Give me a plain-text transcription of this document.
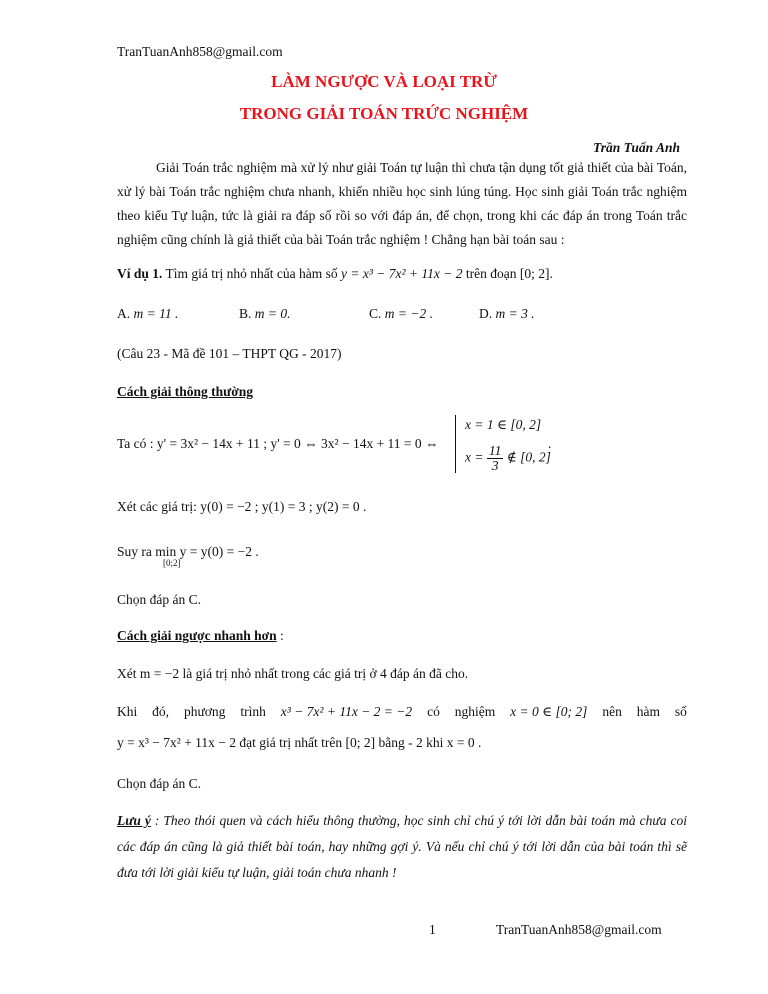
TranTuanAnh858@gmail.com
LÀM NGƯỢC VÀ LOẠI TRỪ
TRONG GIẢI TOÁN TRỨC NGHIỆM
Trần Tuấn Anh
Giải Toán trắc nghiệm mà xử lý như giải Toán tự luận thì chưa tận dụng tốt giả thiết của bài Toán, xử lý bài Toán trắc nghiệm chưa nhanh, khiến nhiều học sinh lúng túng. Học sinh giải Toán trắc nghiệm theo kiểu Tự luận, tức là giải ra đáp số rồi so với đáp án, để chọn, trong khi các đáp án trong Toán trắc nghiệm cũng chính là giả thiết của bài Toán trắc nghiệm ! Chẳng hạn bài toán sau :
Ví dụ 1. Tìm giá trị nhỏ nhất của hàm số y = x³ − 7x² + 11x − 2 trên đoạn [0; 2].
A. m = 11 .	B. m = 0.	C. m = −2 .	D. m = 3 .
(Câu 23 - Mã đề 101 – THPT QG - 2017)
Cách giải thông thường
Ta có : y' = 3x² − 14x + 11 ; y' = 0 ⇔ 3x² − 14x + 11 = 0 ⇔
x = 1 ∈ [0, 2]
$x = \frac{11}{3}$ ∉ [0, 2]
.
Xét các giá trị: y(0) = −2 ; y(1) = 3 ; y(2) = 0 .
Suy ra min y = y(0) = −2 .
[0;2]
Chọn đáp án C.
Cách giải ngược nhanh hơn :
Xét m = −2 là giá trị nhỏ nhất trong các giá trị ở 4 đáp án đã cho.
Khi đó, phương trình x³ − 7x² + 11x − 2 = −2 có nghiệm x = 0 ∈ [0; 2] nên hàm số
y = x³ − 7x² + 11x − 2 đạt giá trị nhất trên [0; 2] bằng - 2 khi x = 0 .
Chọn đáp án C.
Lưu ý : Theo thói quen và cách hiểu thông thường, học sinh chỉ chú ý tới lời dẫn bài toán mà chưa coi các đáp án cũng là giả thiết bài toán, hay những gợi ý. Và nếu chỉ chú ý tới lời dẫn của bài toán thì sẽ đưa tới lời giải kiểu tự luận, giải toán chưa nhanh !
1	TranTuanAnh858@gmail.com
